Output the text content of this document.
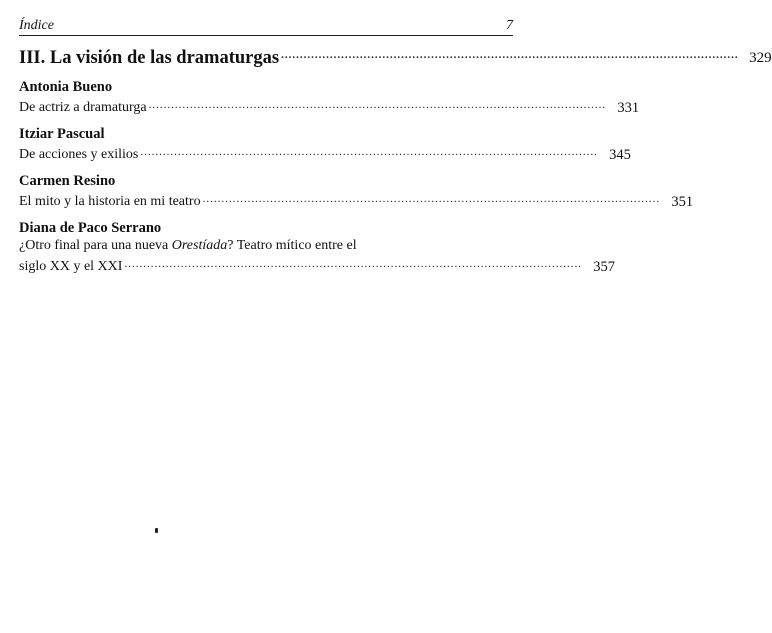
Índice	7
III. La visión de las dramaturgas .......................................................................................................................... 329
Antonia Bueno
De actriz a dramaturga .......................................................................................................................... 331
Itziar Pascual
De acciones y exilios .......................................................................................................................... 345
Carmen Resino
El mito y la historia en mi teatro .......................................................................................................................... 351
Diana de Paco Serrano
¿Otro final para una nueva Orestíada? Teatro mítico entre el
siglo XX y el XXI .......................................................................................................................... 357
